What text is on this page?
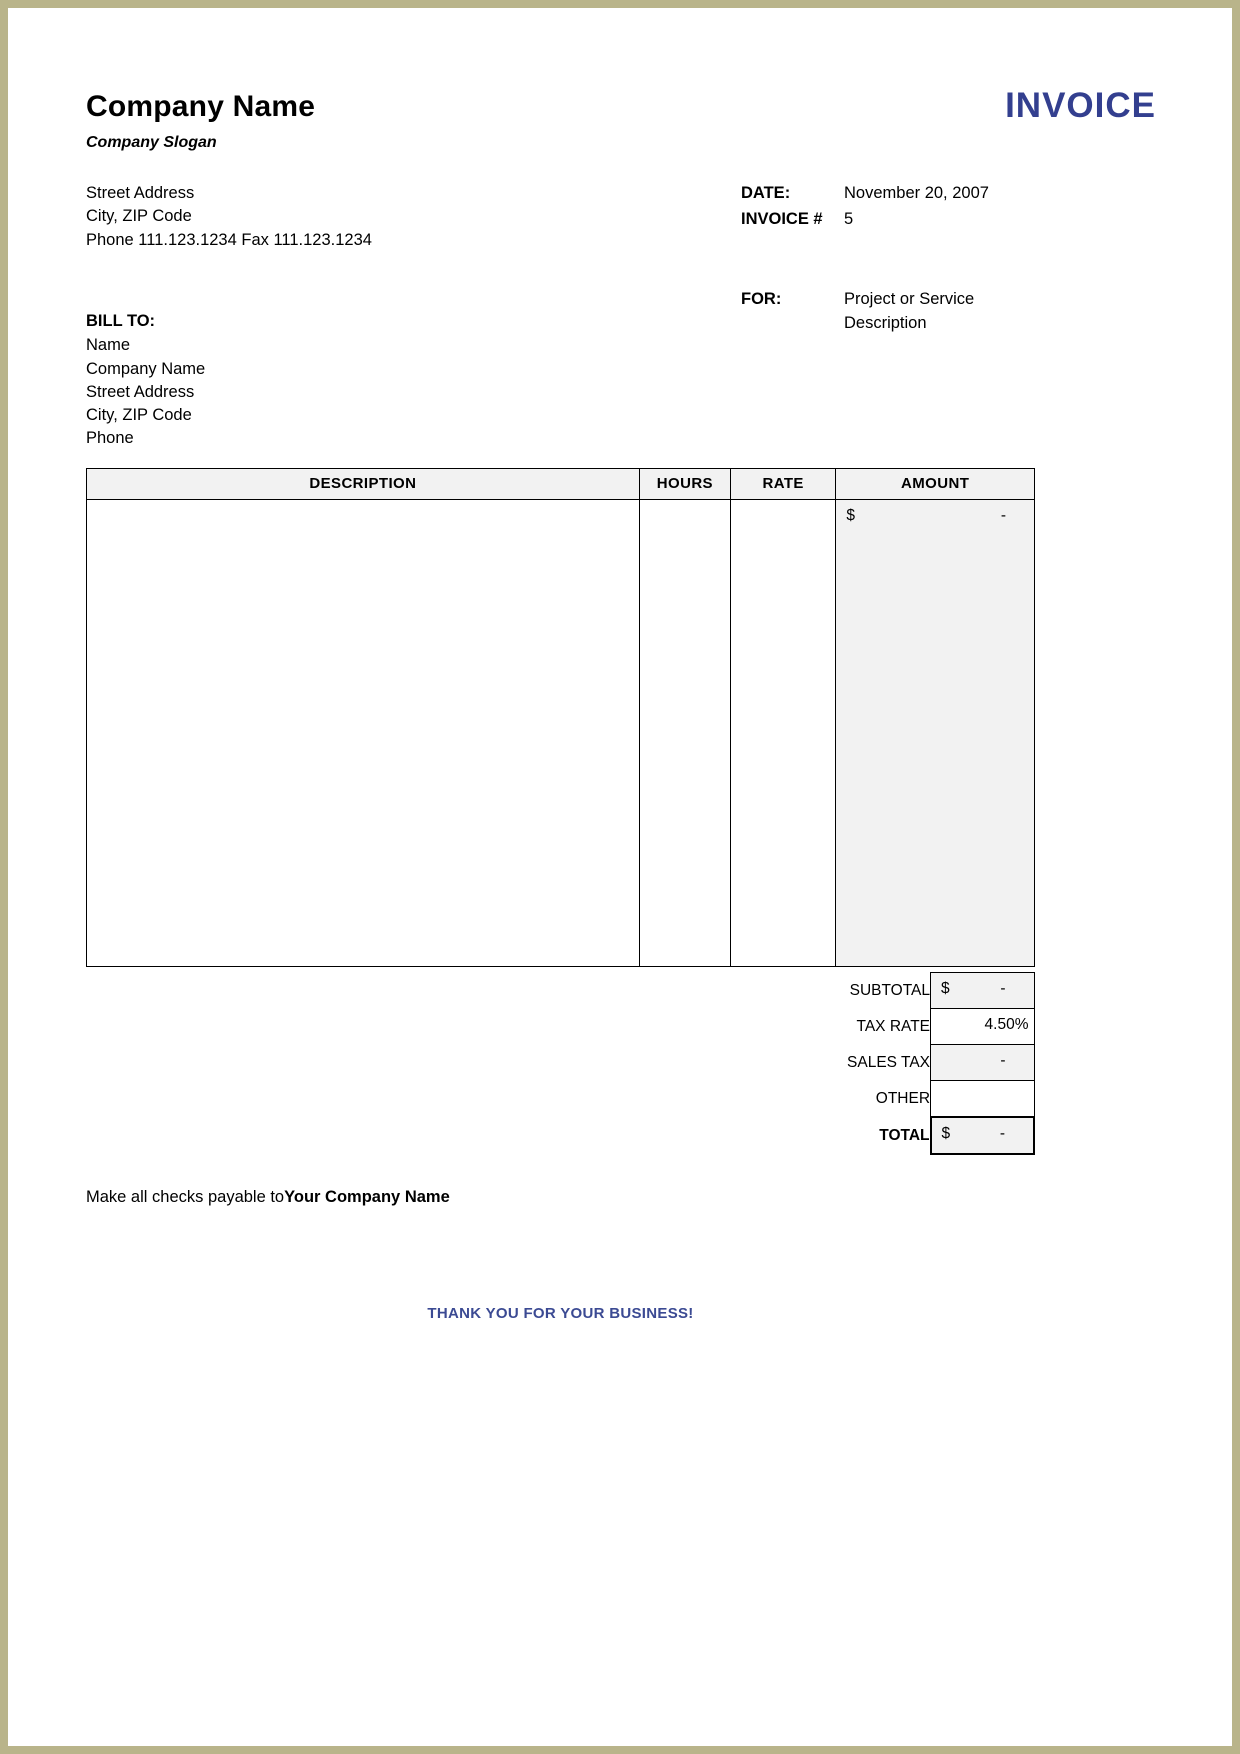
Company Name	INVOICE
Company Slogan
Street Address
City, ZIP Code
Phone 111.123.1234 Fax 111.123.1234
DATE:	November 20, 2007
INVOICE #	5
FOR:	Project or Service
Description
BILL TO:
Name
Company Name
Street Address
City, ZIP Code
Phone
DESCRIPTION	HOURS	RATE	AMOUNT

			$ -
SUBTOTAL	$ -

TAX RATE	4.50%

SALES TAX	-

OTHER	

TOTAL	$ -
Make all checks payable toYour Company Name
THANK YOU FOR YOUR BUSINESS!
